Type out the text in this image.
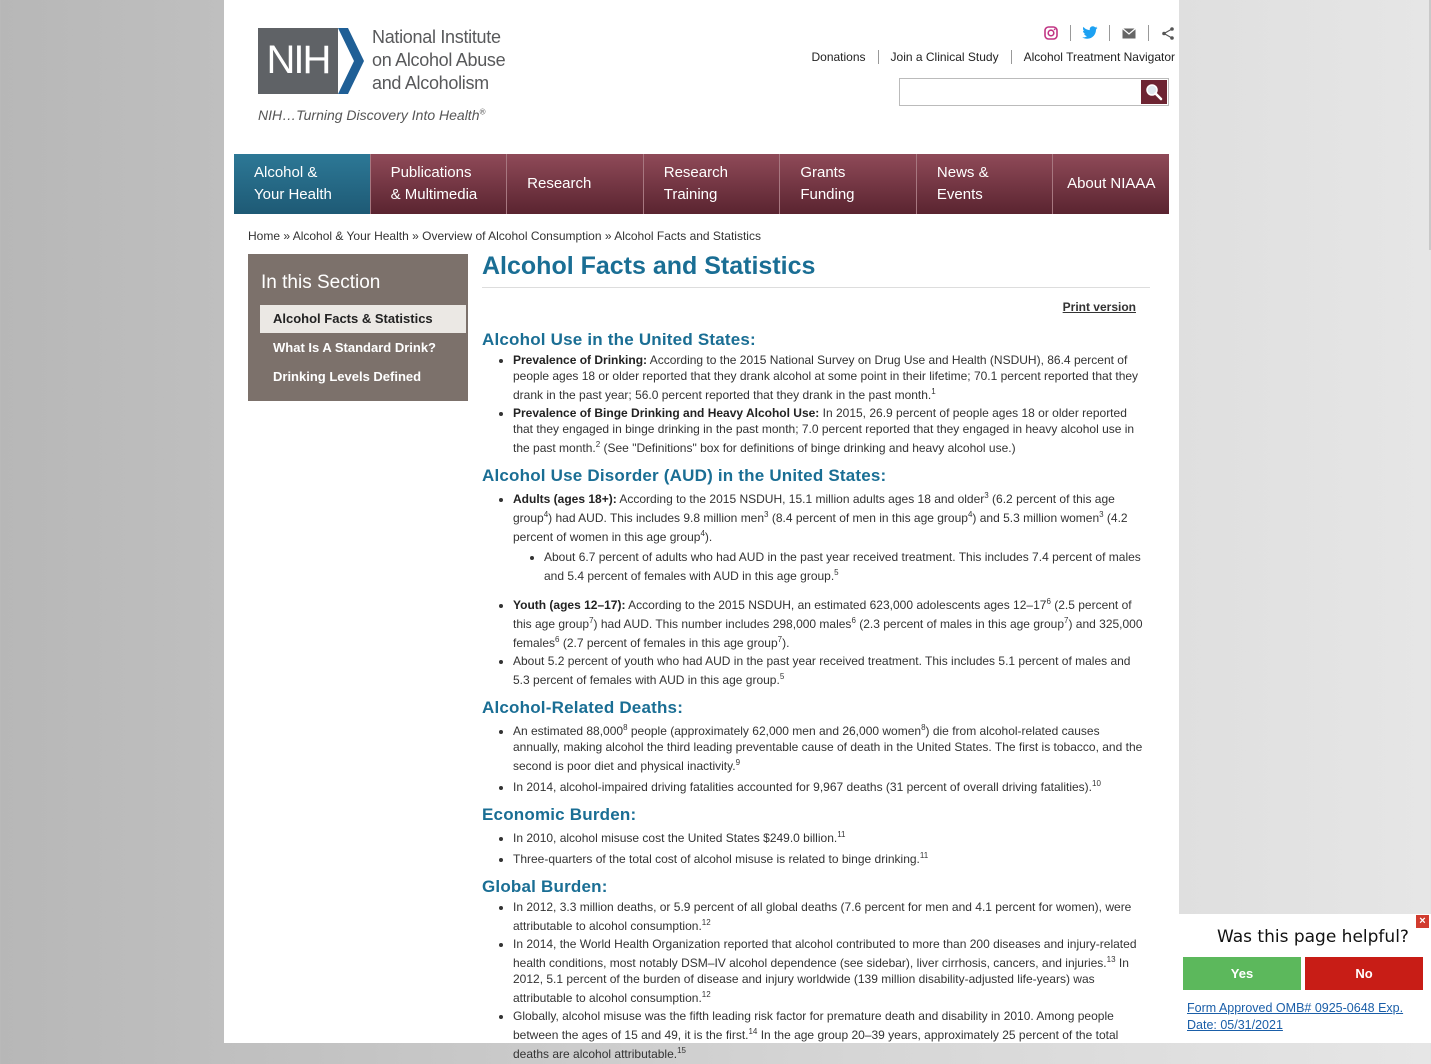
NIH
National Institute
on Alcohol Abuse
and Alcoholism
NIH…Turning Discovery Into Health®
Donations	Join a Clinical Study	Alcohol Treatment Navigator
Alcohol &
Your Health
Publications
& Multimedia
Research
Research
Training
Grants
Funding
News &
Events
About NIAAA
Home » Alcohol & Your Health » Overview of Alcohol Consumption » Alcohol Facts and Statistics
In this Section
Alcohol Facts & Statistics
What Is A Standard Drink?
Drinking Levels Defined
Alcohol Facts and Statistics
Print version
Alcohol Use in the United States:
• Prevalence of Drinking: According to the 2015 National Survey on Drug Use and Health (NSDUH), 86.4 percent of people ages 18 or older reported that they drank alcohol at some point in their lifetime; 70.1 percent reported that they drank in the past year; 56.0 percent reported that they drank in the past month.$^1$
• Prevalence of Binge Drinking and Heavy Alcohol Use: In 2015, 26.9 percent of people ages 18 or older reported that they engaged in binge drinking in the past month; 7.0 percent reported that they engaged in heavy alcohol use in the past month.$^2$ (See "Definitions" box for definitions of binge drinking and heavy alcohol use.)
Alcohol Use Disorder (AUD) in the United States:
• Adults (ages 18+): According to the 2015 NSDUH, 15.1 million adults ages 18 and older$^3$ (6.2 percent of this age group$^4$) had AUD. This includes 9.8 million men$^3$ (8.4 percent of men in this age group$^4$) and 5.3 million women$^3$ (4.2 percent of women in this age group$^4$).
• About 6.7 percent of adults who had AUD in the past year received treatment. This includes 7.4 percent of males and 5.4 percent of females with AUD in this age group.$^5$
• Youth (ages 12–17): According to the 2015 NSDUH, an estimated 623,000 adolescents ages $12-17^6$ (2.5 percent of this age group$^7$) had AUD. This number includes 298,000 males$^6$ (2.3 percent of males in this age group$^7$) and 325,000 females$^6$ (2.7 percent of females in this age group$^7$).
• About 5.2 percent of youth who had AUD in the past year received treatment. This includes 5.1 percent of males and 5.3 percent of females with AUD in this age group.$^5$
Alcohol-Related Deaths:
• An estimated 88,000$^8$ people (approximately 62,000 men and 26,000 women$^8$) die from alcohol-related causes annually, making alcohol the third leading preventable cause of death in the United States. The first is tobacco, and the second is poor diet and physical inactivity.$^9$
• In 2014, alcohol-impaired driving fatalities accounted for 9,967 deaths (31 percent of overall driving fatalities).$^{10}$
Economic Burden:
• In 2010, alcohol misuse cost the United States $249.0 billion.$^{11}$
• Three-quarters of the total cost of alcohol misuse is related to binge drinking.$^{11}$
Global Burden:
• In 2012, 3.3 million deaths, or 5.9 percent of all global deaths (7.6 percent for men and 4.1 percent for women), were attributable to alcohol consumption.$^{12}$
• In 2014, the World Health Organization reported that alcohol contributed to more than 200 diseases and injury-related health conditions, most notably DSM–IV alcohol dependence (see sidebar), liver cirrhosis, cancers, and injuries.$^{13}$ In 2012, 5.1 percent of the burden of disease and injury worldwide (139 million disability-adjusted life-years) was attributable to alcohol consumption.$^{12}$
• Globally, alcohol misuse was the fifth leading risk factor for premature death and disability in 2010. Among people between the ages of 15 and 49, it is the first.$^{14}$ In the age group 20–39 years, approximately 25 percent of the total deaths are alcohol attributable.$^{15}$
×
Was this page helpful?
Yes	No
Form Approved OMB# 0925-0648 Exp. Date: 05/31/2021
